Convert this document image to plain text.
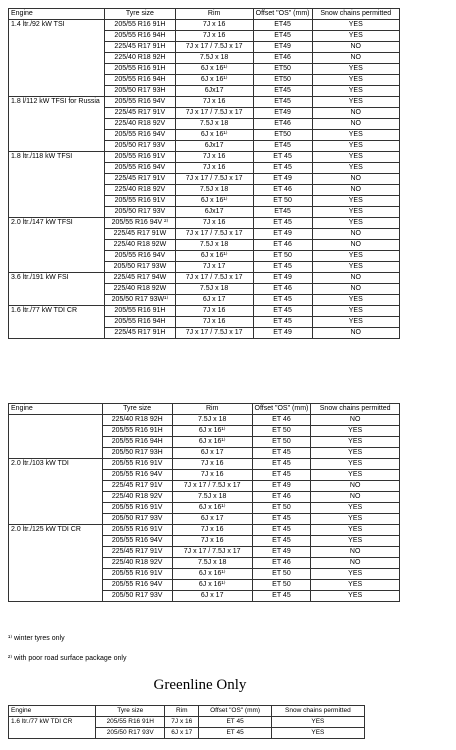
Engine	Tyre size	Rim	Offset "OS" (mm)	Snow chains permitted
1.4 ltr./92 kW TSI	205/55 R16 91H	7J x 16	ET45	YES
	205/55 R16 94H	7J x 16	ET45	YES
	225/45 R17 91H	7J x 17 / 7.5J x 17	ET49	NO
	225/40 R18 92H	7.5J x 18	ET46	NO
	205/55 R16 91H	6J x 16¹⁾	ET50	YES
	205/55 R16 94H	6J x 16¹⁾	ET50	YES
	205/50 R17 93H	6Jx17	ET45	YES
1.8 l/112 kW TFSI for Russia	205/55 R16 94V	7J x 16	ET45	YES
	225/45 R17 91V	7J x 17 / 7.5J x 17	ET49	NO
	225/40 R18 92V	7.5J x 18	ET46	NO
	205/55 R16 94V	6J x 16¹⁾	ET50	YES
	205/50 R17 93V	6Jx17	ET45	YES
1.8 ltr./118 kW TFSI	205/55 R16 91V	7J x 16	ET 45	YES
	205/55 R16 94V	7J x 16	ET 45	YES
	225/45 R17 91V	7J x 17 / 7.5J x 17	ET 49	NO
	225/40 R18 92V	7.5J x 18	ET 46	NO
	205/55 R16 91V	6J x 16¹⁾	ET 50	YES
	205/50 R17 93V	6Jx17	ET45	YES
2.0 ltr./147 kW TFSI	205/55 R16 94V ²⁾	7J x 16	ET 45	YES
	225/45 R17 91W	7J x 17 / 7.5J x 17	ET 49	NO
	225/40 R18 92W	7.5J x 18	ET 46	NO
	205/55 R16 94V	6J x 16¹⁾	ET 50	YES
	205/50 R17 93W	7J x 17	ET 45	YES
3.6 ltr./191 kW FSI	225/45 R17 94W	7J x 17 / 7.5J x 17	ET 49	NO
	225/40 R18 92W	7.5J x 18	ET 46	NO
	205/50 R17 93W¹⁾	6J x 17	ET 45	YES
1.6 ltr./77 kW TDI CR	205/55 R16 91H	7J x 16	ET 45	YES
	205/55 R16 94H	7J x 16	ET 45	YES
	225/45 R17 91H	7J x 17 / 7.5J x 17	ET 49	NO
Engine	Tyre size	Rim	Offset "OS" (mm)	Snow chains permitted
	225/40 R18 92H	7.5J x 18	ET 46	NO
	205/55 R16 91H	6J x 16¹⁾	ET 50	YES
	205/55 R16 94H	6J x 16¹⁾	ET 50	YES
	205/50 R17 93H	6J x 17	ET 45	YES
2.0 ltr./103 kW TDI	205/55 R16 91V	7J x 16	ET 45	YES
	205/55 R16 94V	7J x 16	ET 45	YES
	225/45 R17 91V	7J x 17 / 7.5J x 17	ET 49	NO
	225/40 R18 92V	7.5J x 18	ET 46	NO
	205/55 R16 91V	6J x 16¹⁾	ET 50	YES
	205/50 R17 93V	6J x 17	ET 45	YES
2.0 ltr./125 kW TDI CR	205/55 R16 91V	7J x 16	ET 45	YES
	205/55 R16 94V	7J x 16	ET 45	YES
	225/45 R17 91V	7J x 17 / 7.5J x 17	ET 49	NO
	225/40 R18 92V	7.5J x 18	ET 46	NO
	205/55 R16 91V	6J x 16¹⁾	ET 50	YES
	205/55 R16 94V	6J x 16¹⁾	ET 50	YES
	205/50 R17 93V	6J x 17	ET 45	YES
¹⁾ winter tyres only
²⁾ with poor road surface package only
Greenline Only
Engine	Tyre size	Rim	Offset "OS" (mm)	Snow chains permitted
1.6 ltr./77 kW TDI CR	205/55 R16 91H	7J x 16	ET 45	YES
	205/50 R17 93V	6J x 17	ET 45	YES
